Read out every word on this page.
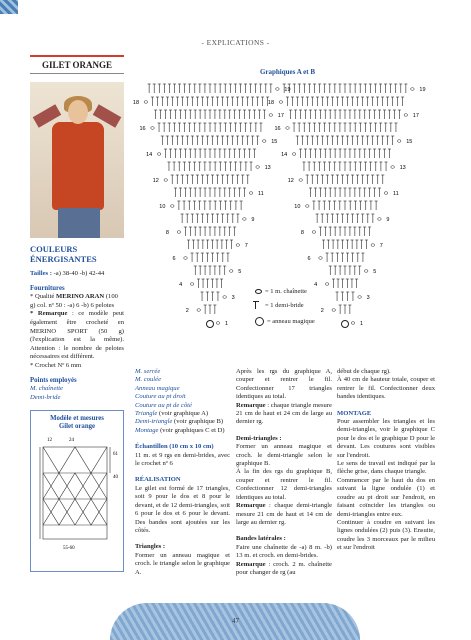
- EXPLICATIONS -
GILET ORANGE
COULEURS
ÉNERGISANTES
Tailles : -a) 38-40 -b) 42-44
Fournitures
* Qualité MERINO ARAN (100 g) col. nº 50 : -a) 6 -b) 6 pelotes
* Remarque : ce modèle peut également être crocheté en MERINO SPORT (50 g) (l'explication est la même). Attention : le nombre de pelotes nécessaires est différent.
* Crochet Nº 6 mm
Points employés
M. chaînette
Demi-bride
Modèle et mesures
Gilet orange
12	24
61
40
55-60
Graphiques A et B
1
2
3
4
5
6
7
8
9
10
11
12
13
14
15
16
17
18
19
1
2
3
4
5
6
7
8
9
10
11
12
13
14
15
16
17
18
19
= 1 m. chaînette
= 1 demi-bride
= anneau magique
M. serrée
M. coulée
Anneau magique
Couture au pt droit
Couture au pt de côté
Triangle (voir graphique A)
Demi-triangle (voir graphique B)
Montage (voir graphiques C et D)
Échantillon (10 cm x 10 cm)
11 m. et 9 rgs en demi-brides, avec le crochet nº 6
RÉALISATION
Le gilet est formé de 17 triangles, soit 9 pour le dos et 8 pour le devant, et de 12 demi-triangles, soit 6 pour le dos et 6 pour le devant. Des bandes sont ajoutées sur les côtés.
Triangles :
Former un anneau magique et croch. le triangle selon le graphique A.
Après les rgs du graphique A, couper et rentrer le fil. Confectionner 17 triangles identiques au total.
Remarque : chaque triangle mesure 21 cm de haut et 24 cm de large au dernier rg.
Demi-triangles :
Former un anneau magique et croch. le demi-triangle selon le graphique B.
À la fin des rgs du graphique B, couper et rentrer le fil. Confectionner 12 demi-triangles identiques au total.
Remarque : chaque demi-triangle mesure 21 cm de haut et 14 cm de large au dernier rg.
Bandes latérales :
Faire une chaînette de -a) 8 m. -b) 13 m. et croch. en demi-brides.
Remarque : croch. 2 m. chaînette pour changer de rg (au
début de chaque rg).
À 40 cm de hauteur totale, couper et rentrer le fil. Confectionner deux bandes identiques.
MONTAGE
Pour assembler les triangles et les demi-triangles, voir le graphique C pour le dos et le graphique D pour le devant. Les coutures sont visibles sur l'endroit.
Le sens de travail est indiqué par la flèche grise, dans chaque triangle.
Commencer par le haut du dos en suivant la ligne ondulée (1) et coudre au pt droit sur l'endroit, en faisant coïncider les triangles ou demi-triangles entre eux.
Continuer à coudre en suivant les lignes ondulées (2) puis (3). Ensuite, coudre les 3 morceaux par le milieu et sur l'endroit
47
